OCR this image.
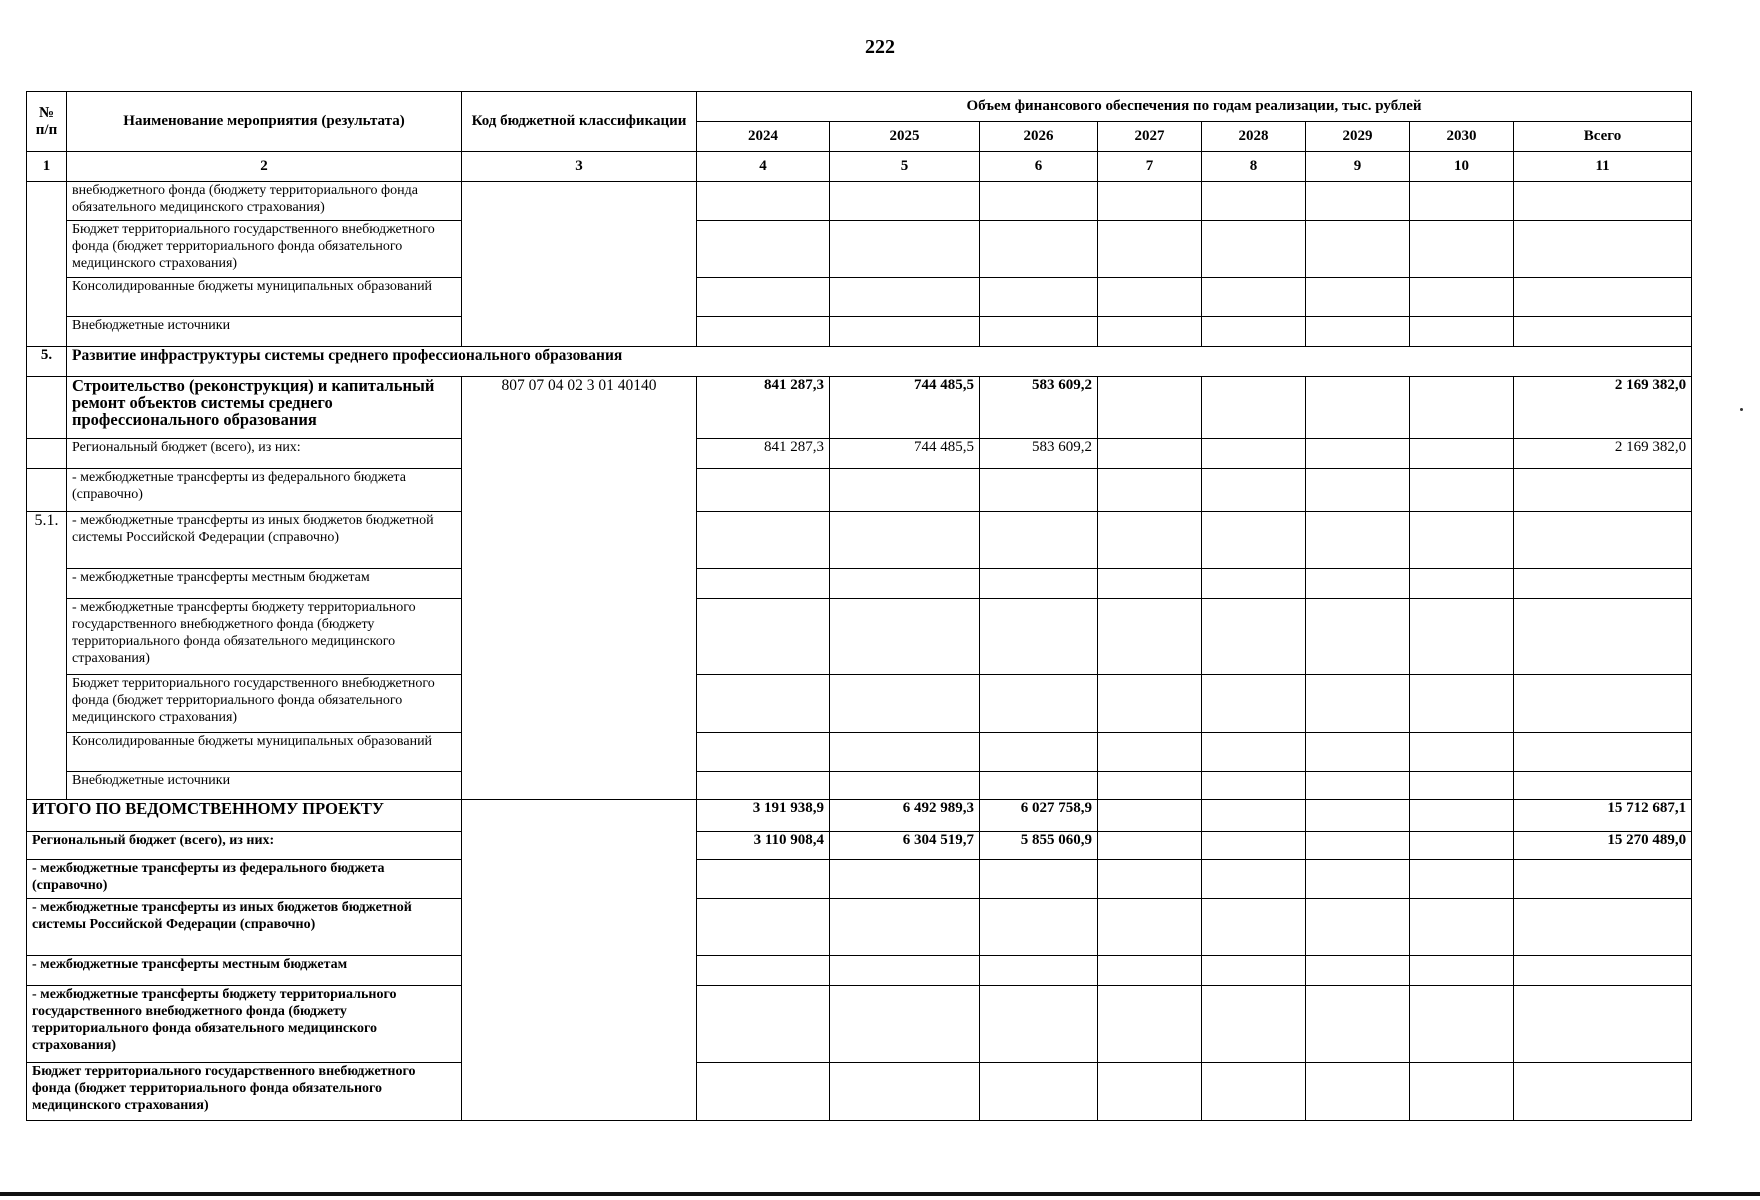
222
№ п/п	Наименование мероприятия (результата)	Код бюджетной классификации	Объем финансового обеспечения по годам реализации, тыс. рублей							
			2024	2025	2026	2027	2028	2029	2030	Всего
1	2	3	4	5	6	7	8	9	10	11
	внебюджетного фонда (бюджету территориального фонда обязательного медицинского страхования)									
	Бюджет территориального государственного внебюджетного фонда (бюджет территориального фонда обязательного медицинского страхования)									
	Консолидированные бюджеты муниципальных образований									
	Внебюджетные источники									
5.	Развитие инфраструктуры системы среднего профессионального образования									
	Строительство (реконструкция) и капитальный ремонт объектов системы среднего профессионального образования	807 07 04 02 3 01 40140	841 287,3	744 485,5	583 609,2					2 169 382,0
	Региональный бюджет (всего), из них:		841 287,3	744 485,5	583 609,2					2 169 382,0
	- межбюджетные трансферты из федерального бюджета (справочно)									
5.1.	- межбюджетные трансферты из иных бюджетов бюджетной системы Российской Федерации (справочно)									
	- межбюджетные трансферты местным бюджетам									
	- межбюджетные трансферты бюджету территориального государственного внебюджетного фонда (бюджету территориального фонда обязательного медицинского страхования)									
	Бюджет территориального государственного внебюджетного фонда (бюджет территориального фонда обязательного медицинского страхования)									
	Консолидированные бюджеты муниципальных образований									
	Внебюджетные источники									
ИТОГО ПО ВЕДОМСТВЕННОМУ ПРОЕКТУ			3 191 938,9	6 492 989,3	6 027 758,9					15 712 687,1
Региональный бюджет (всего), из них:			3 110 908,4	6 304 519,7	5 855 060,9					15 270 489,0
- межбюджетные трансферты из федерального бюджета (справочно)										
- межбюджетные трансферты из иных бюджетов бюджетной системы Российской Федерации (справочно)										
- межбюджетные трансферты местным бюджетам										
- межбюджетные трансферты бюджету территориального государственного внебюджетного фонда (бюджету территориального фонда обязательного медицинского страхования)										
Бюджет территориального государственного внебюджетного фонда (бюджет территориального фонда обязательного медицинского страхования)										
